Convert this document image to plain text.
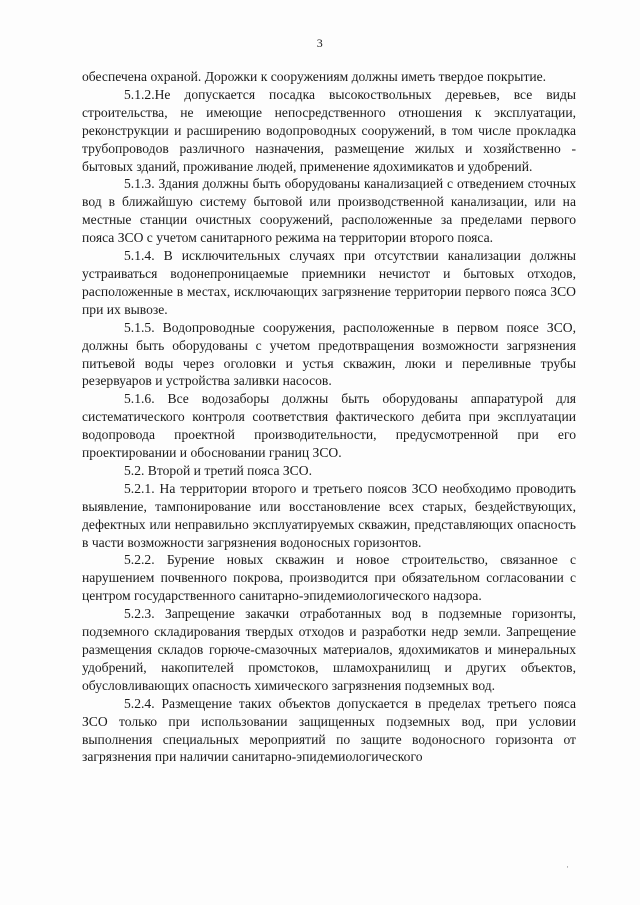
3

обеспечена охраной. Дорожки к сооружениям должны иметь твердое покрытие.

5.1.2.Не допускается посадка высокоствольных деревьев, все виды строительства, не имеющие непосредственного отношения к эксплуатации, реконструкции и расширению водопроводных сооружений, в том числе прокладка трубопроводов различного назначения, размещение жилых и хозяйственно - бытовых зданий, проживание людей, применение ядохимикатов и удобрений.

5.1.3. Здания должны быть оборудованы канализацией с отведением сточных вод в ближайшую систему бытовой или производственной канализации, или на местные станции очистных сооружений, расположенные за пределами первого пояса ЗСО с учетом санитарного режима на территории второго пояса.

5.1.4. В исключительных случаях при отсутствии канализации должны устраиваться водонепроницаемые приемники нечистот и бытовых отходов, расположенные в местах, исключающих загрязнение территории первого пояса ЗСО при их вывозе.

5.1.5. Водопроводные сооружения, расположенные в первом поясе ЗСО, должны быть оборудованы с учетом предотвращения возможности загрязнения питьевой воды через оголовки и устья скважин, люки и переливные трубы резервуаров и устройства заливки насосов.

5.1.6. Все водозаборы должны быть оборудованы аппаратурой для систематического контроля соответствия фактического дебита при эксплуатации водопровода проектной производительности, предусмотренной при его проектировании и обосновании границ ЗСО.

5.2. Второй и третий пояса ЗСО.

5.2.1. На территории второго и третьего поясов ЗСО необходимо проводить выявление, тампонирование или восстановление всех старых, бездействующих, дефектных или неправильно эксплуатируемых скважин, представляющих опасность в части возможности загрязнения водоносных горизонтов.

5.2.2. Бурение новых скважин и новое строительство, связанное с нарушением почвенного покрова, производится при обязательном согласовании с центром государственного санитарно-эпидемиологического надзора.

5.2.3. Запрещение закачки отработанных вод в подземные горизонты, подземного складирования твердых отходов и разработки недр земли. Запрещение размещения складов горюче-смазочных материалов, ядохимикатов и минеральных удобрений, накопителей промстоков, шламохранилищ и других объектов, обусловливающих опасность химического загрязнения подземных вод.

5.2.4. Размещение таких объектов допускается в пределах третьего пояса ЗСО только при использовании защищенных подземных вод, при условии выполнения специальных мероприятий по защите водоносного горизонта от загрязнения при наличии санитарно-эпидемиологического

·
